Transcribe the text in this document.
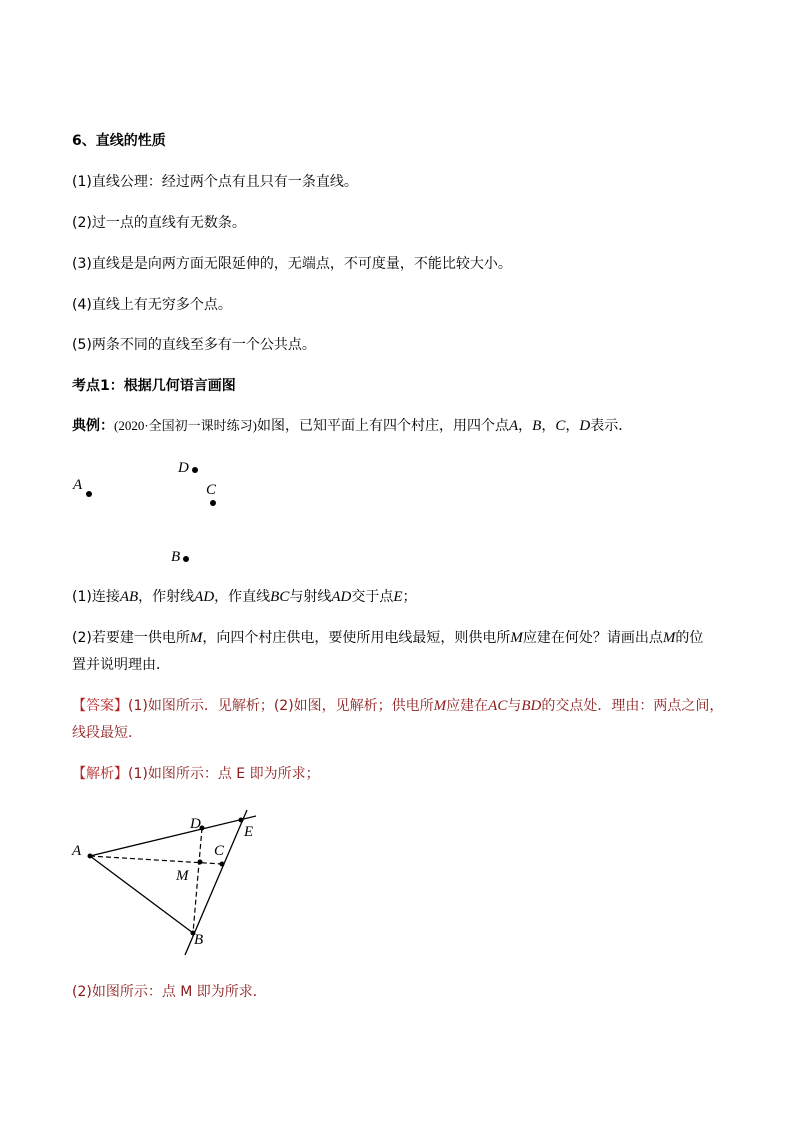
6、直线的性质
(1)直线公理：经过两个点有且只有一条直线。
(2)过一点的直线有无数条。
(3)直线是是向两方面无限延伸的，无端点，不可度量，不能比较大小。
(4)直线上有无穷多个点。
(5)两条不同的直线至多有一个公共点。
考点1：根据几何语言画图
典例：(2020·全国初一课时练习)如图，已知平面上有四个村庄，用四个点A，B，C，D表示．
A
D
C
B
(1)连接AB，作射线AD，作直线BC与射线AD交于点E；
(2)若要建一供电所M，向四个村庄供电，要使所用电线最短，则供电所M应建在何处？请画出点M的位
置并说明理由．
【答案】(1)如图所示．见解析；(2)如图，见解析；供电所M应建在AC与BD的交点处．理由：两点之间，
线段最短．
【解析】(1)如图所示：点 E 即为所求；
A
D	E
C
M
B
(2)如图所示：点 M 即为所求．
